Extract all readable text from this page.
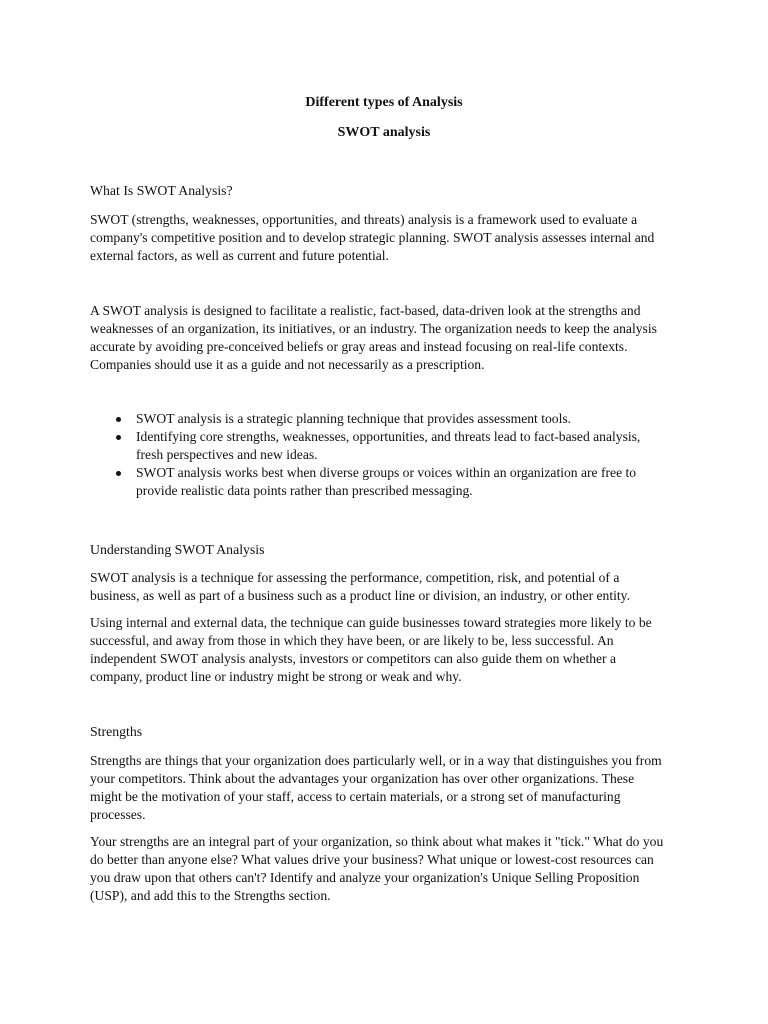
Different types of Analysis
SWOT analysis
What Is SWOT Analysis?
SWOT (strengths, weaknesses, opportunities, and threats) analysis is a framework used to evaluate a
company's competitive position and to develop strategic planning. SWOT analysis assesses internal and
external factors, as well as current and future potential.
A SWOT analysis is designed to facilitate a realistic, fact-based, data-driven look at the strengths and
weaknesses of an organization, its initiatives, or an industry. The organization needs to keep the analysis
accurate by avoiding pre-conceived beliefs or gray areas and instead focusing on real-life contexts.
Companies should use it as a guide and not necessarily as a prescription.
SWOT analysis is a strategic planning technique that provides assessment tools.
Identifying core strengths, weaknesses, opportunities, and threats lead to fact-based analysis,
fresh perspectives and new ideas.
SWOT analysis works best when diverse groups or voices within an organization are free to
provide realistic data points rather than prescribed messaging.
Understanding SWOT Analysis
SWOT analysis is a technique for assessing the performance, competition, risk, and potential of a
business, as well as part of a business such as a product line or division, an industry, or other entity.
Using internal and external data, the technique can guide businesses toward strategies more likely to be
successful, and away from those in which they have been, or are likely to be, less successful. An
independent SWOT analysis analysts, investors or competitors can also guide them on whether a
company, product line or industry might be strong or weak and why.
Strengths
Strengths are things that your organization does particularly well, or in a way that distinguishes you from
your competitors. Think about the advantages your organization has over other organizations. These
might be the motivation of your staff, access to certain materials, or a strong set of manufacturing
processes.
Your strengths are an integral part of your organization, so think about what makes it "tick." What do you
do better than anyone else? What values drive your business? What unique or lowest-cost resources can
you draw upon that others can't? Identify and analyze your organization's Unique Selling Proposition
(USP), and add this to the Strengths section.
